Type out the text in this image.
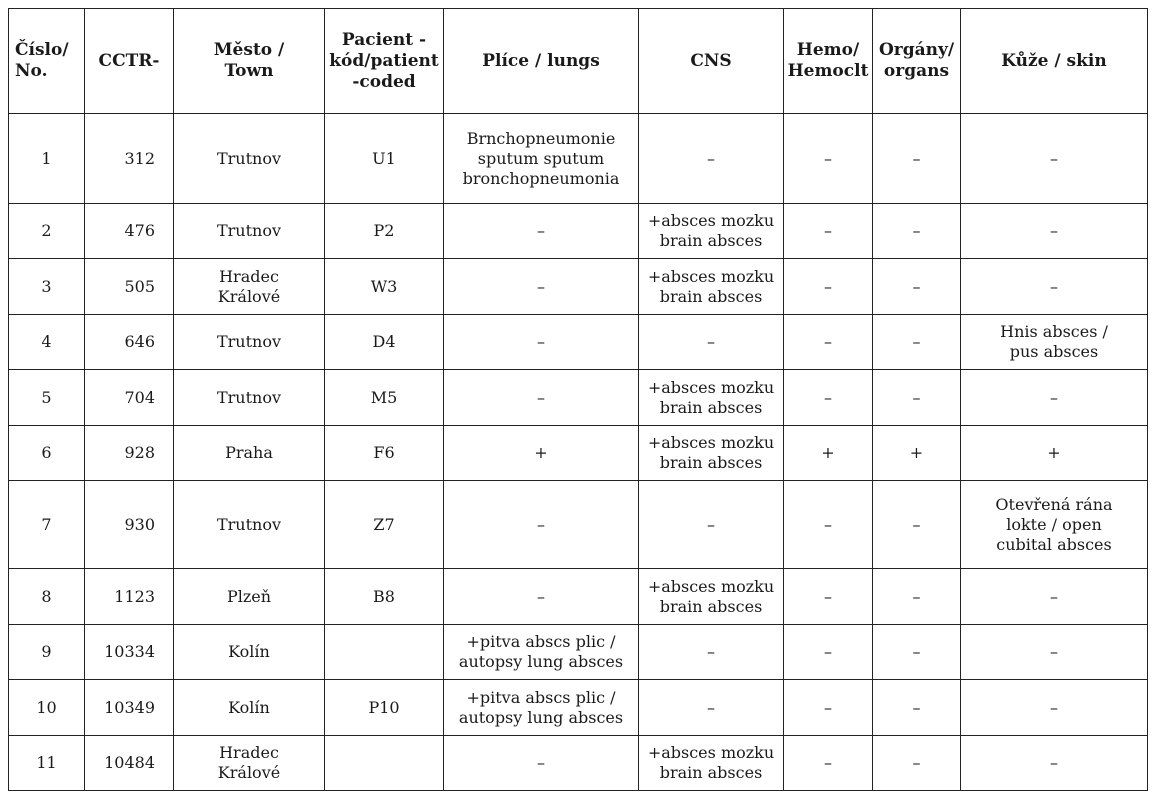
Číslo/
No.	CCTR-	Město /
Town	Pacient -
kód/patient
-coded	Plíce / lungs	CNS	Hemo/
Hemoclt	Orgány/
organs	Kůže / skin
1	312	Trutnov	U1	Brnchopneumonie
sputum sputum
bronchopneumonia	–	–	–	–
2	476	Trutnov	P2	–	+absces mozku
brain absces	–	–	–
3	505	Hradec
Králové	W3	–	+absces mozku
brain absces	–	–	–
4	646	Trutnov	D4	–	–	–	–	Hnis absces /
pus absces
5	704	Trutnov	M5	–	+absces mozku
brain absces	–	–	–
6	928	Praha	F6	+	+absces mozku
brain absces	+	+	+
7	930	Trutnov	Z7	–	–	–	–	Otevřená rána
lokte / open
cubital absces
8	1123	Plzeň	B8	–	+absces mozku
brain absces	–	–	–
9	10334	Kolín		+pitva abscs plic /
autopsy lung absces	–	–	–	–
10	10349	Kolín	P10	+pitva abscs plic /
autopsy lung absces	–	–	–	–
11	10484	Hradec
Králové		–	+absces mozku
brain absces	–	–	–
